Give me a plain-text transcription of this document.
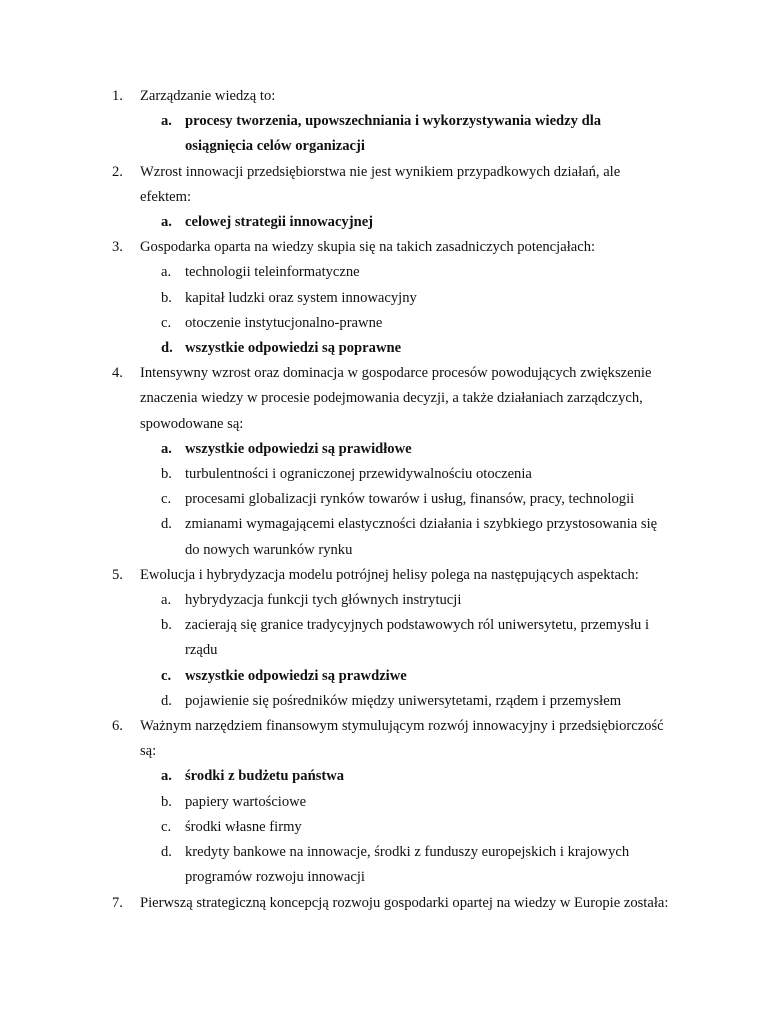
1. Zarządzanie wiedzą to:
a. procesy tworzenia, upowszechniania i wykorzystywania wiedzy dla osiągnięcia celów organizacji
2. Wzrost innowacji przedsiębiorstwa nie jest wynikiem przypadkowych działań, ale efektem:
a. celowej strategii innowacyjnej
3. Gospodarka oparta na wiedzy skupia się na takich zasadniczych potencjałach:
a. technologii teleinformatyczne
b. kapitał ludzki oraz system innowacyjny
c. otoczenie instytucjonalno-prawne
d. wszystkie odpowiedzi są poprawne
4. Intensywny wzrost oraz dominacja w gospodarce procesów powodujących zwiększenie znaczenia wiedzy w procesie podejmowania decyzji, a także działaniach zarządczych, spowodowane są:
a. wszystkie odpowiedzi są prawidłowe
b. turbulentności i ograniczonej przewidywalnościu otoczenia
c. procesami globalizacji rynków towarów i usług, finansów, pracy, technologii
d. zmianami wymagającemi elastyczności działania i szybkiego przystosowania się do nowych warunków rynku
5. Ewolucja i hybrydyzacja modelu potrójnej helisy polega na następujących aspektach:
a. hybrydyzacja funkcji tych głównych instrytucji
b. zacierają się granice tradycyjnych podstawowych ról uniwersytetu, przemysłu i rządu
c. wszystkie odpowiedzi są prawdziwe
d. pojawienie się pośredników między uniwersytetami, rządem i przemysłem
6. Ważnym narzędziem finansowym stymulującym rozwój innowacyjny i przedsiębiorczość są:
a. środki z budżetu państwa
b. papiery wartościowe
c. środki własne firmy
d. kredyty bankowe na innowacje, środki z funduszy europejskich i krajowych programów rozwoju innowacji
7. Pierwszą strategiczną koncepcją rozwoju gospodarki opartej na wiedzy w Europie została:
